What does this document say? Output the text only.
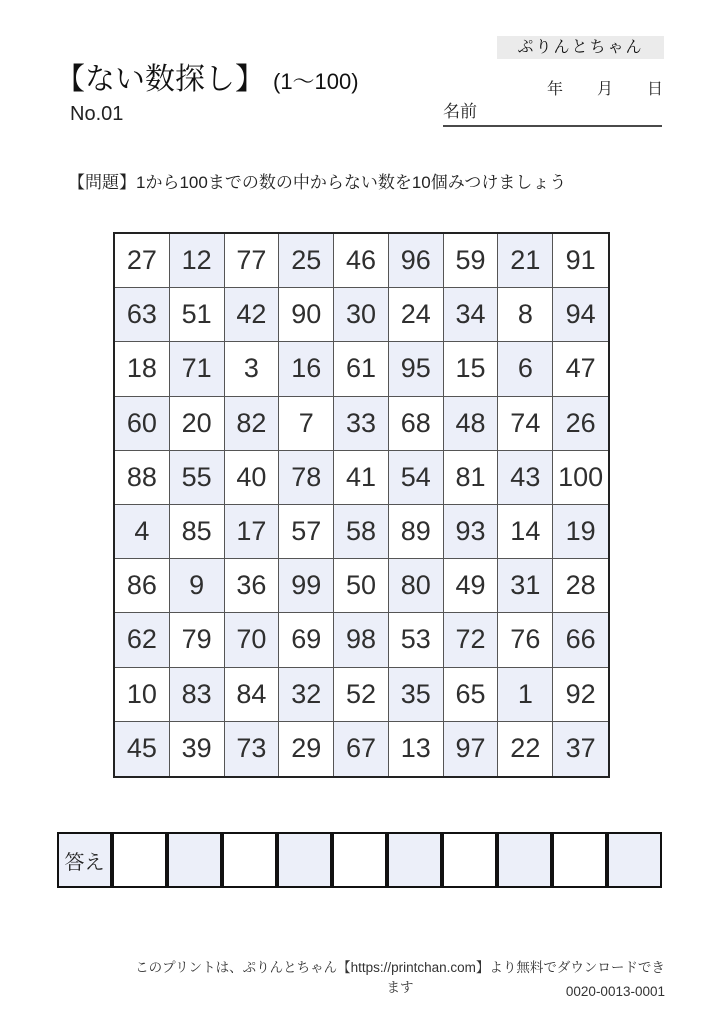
ぷりんとちゃん
【ない数探し】 (1〜100)
No.01
年 月 日
名前
【問題】1から100までの数の中からない数を10個みつけましょう
27 12 77 25 46 96 59 21 91
63 51 42 90 30 24 34	8	94
18 71	3	16 61 95 15	6	47
60 20 82	7	33 68 48 74 26
88 55 40 78 41 54 81 43 100
4	85 17 57 58 89 93 14 19
86	9	36 99 50 80 49 31 28
62 79 70 69 98 53 72 76 66
10 83 84 32 52 35 65	1	92
45 39 73 29 67 13 97 22 37
答え
このプリントは、ぷりんとちゃん【https://printchan.com】より無料でダウンロードできます	0020-0013-0001
